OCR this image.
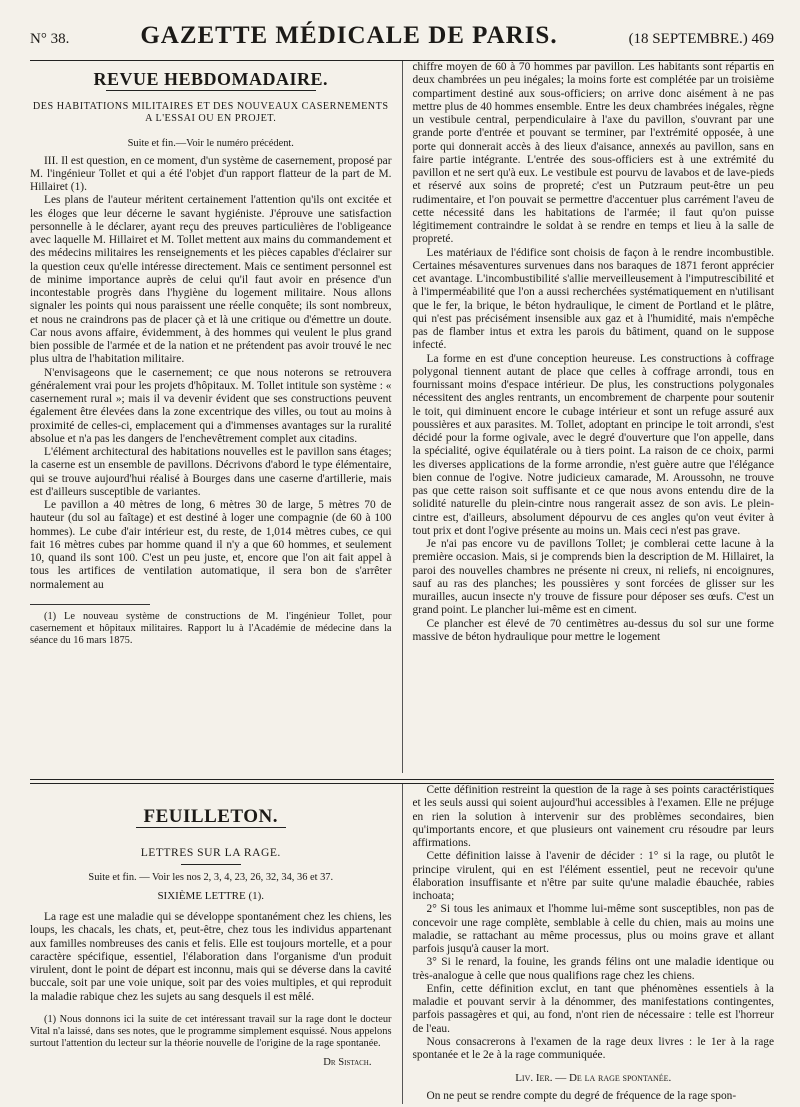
N° 38.	GAZETTE MÉDICALE DE PARIS.	(18 SEPTEMBRE.) 469
REVUE HEBDOMADAIRE.
DES HABITATIONS MILITAIRES ET DES NOUVEAUX CASERNEMENTS
A L'ESSAI OU EN PROJET.
Suite et fin.—Voir le numéro précédent.

III. Il est question, en ce moment, d'un système de casernement, proposé par M. l'ingénieur Tollet et qui a été l'objet d'un rapport flatteur de la part de M. Hillairet (1).

Les plans de l'auteur méritent certainement l'attention qu'ils ont excitée et les éloges que leur décerne le savant hygiéniste. J'éprouve une satisfaction personnelle à le déclarer, ayant reçu des preuves particulières de l'obligeance avec laquelle M. Hillairet et M. Tollet mettent aux mains du commandement et des médecins militaires les renseignements et les pièces capables d'éclairer sur la question ceux qu'elle intéresse directement. Mais ce sentiment personnel est de minime importance auprès de celui qu'il faut avoir en présence d'un incontestable progrès dans l'hygiène du logement militaire. Nous allons signaler les points qui nous paraissent une réelle conquête; ils sont nombreux, et nous ne craindrons pas de placer çà et là une critique ou d'émettre un doute. Car nous avons affaire, évidemment, à des hommes qui veulent le plus grand bien possible de l'armée et de la nation et ne prétendent pas avoir trouvé le nec plus ultra de l'habitation militaire.

N'envisageons que le casernement; ce que nous noterons se retrouvera généralement vrai pour les projets d'hôpitaux. M. Tollet intitule son système : « casernement rural »; mais il va devenir évident que ses constructions peuvent également être élevées dans la zone excentrique des villes, ou tout au moins à proximité de celles-ci, emplacement qui a d'immenses avantages sur la ruralité absolue et n'a pas les dangers de l'enchevêtrement complet aux citadins.

L'élément architectural des habitations nouvelles est le pavillon sans étages; la caserne est un ensemble de pavillons. Décrivons d'abord le type élémentaire, qui se trouve aujourd'hui réalisé à Bourges dans une caserne d'artillerie, mais est d'ailleurs susceptible de variantes.

Le pavillon a 40 mètres de long, 6 mètres 30 de large, 5 mètres 70 de hauteur (du sol au faîtage) et est destiné à loger une compagnie (de 60 à 100 hommes). Le cube d'air intérieur est, du reste, de 1,014 mètres cubes, ce qui fait 16 mètres cubes par homme quand il n'y a que 60 hommes, et seulement 10, quand ils sont 100. C'est un peu juste, et, encore que l'on ait fait appel à tous les artifices de ventilation automatique, il sera bon de s'arrêter normalement au

(1) Le nouveau système de constructions de M. l'ingénieur Tollet, pour casernement et hôpitaux militaires. Rapport lu à l'Académie de médecine dans la séance du 16 mars 1875.

chiffre moyen de 60 à 70 hommes par pavillon. Les habitants sont répartis en deux chambrées un peu inégales; la moins forte est complétée par un troisième compartiment destiné aux sous-officiers; on arrive donc aisément à ne pas mettre plus de 40 hommes ensemble. Entre les deux chambrées inégales, règne un vestibule central, perpendiculaire à l'axe du pavillon, s'ouvrant par une grande porte d'entrée et pouvant se terminer, par l'extrémité opposée, à une porte qui donnerait accès à des lieux d'aisance, annexés au pavillon, sans en faire partie intégrante. L'entrée des sous-officiers est à une extrémité du pavillon et ne sert qu'à eux. Le vestibule est pourvu de lavabos et de lave-pieds et réservé aux soins de propreté; c'est un Putzraum peut-être un peu rudimentaire, et l'on pouvait se permettre d'accentuer plus carrément l'aveu de cette nécessité dans les habitations de l'armée; il faut qu'on puisse légitimement contraindre le soldat à se rendre en temps et lieu à la salle de propreté.

Les matériaux de l'édifice sont choisis de façon à le rendre incombustible. Certaines mésaventures survenues dans nos baraques de 1871 feront apprécier cet avantage. L'incombustibilité s'allie merveilleusement à l'imputrescibilité et à l'imperméabilité que l'on a aussi recherchées systématiquement en n'utilisant que le fer, la brique, le béton hydraulique, le ciment de Portland et le plâtre, qui n'est pas précisément insensible aux gaz et à l'humidité, mais n'empêche pas de flamber intus et extra les parois du bâtiment, quand on le suppose infecté.

La forme en est d'une conception heureuse. Les constructions à coffrage polygonal tiennent autant de place que celles à coffrage arrondi, tous en fournissant moins d'espace intérieur. De plus, les constructions polygonales nécessitent des angles rentrants, un encombrement de charpente pour soutenir le toit, qui diminuent encore le cubage intérieur et sont un refuge assuré aux poussières et aux parasites. M. Tollet, adoptant en principe le toit arrondi, s'est décidé pour la forme ogivale, avec le degré d'ouverture que l'on appelle, dans la spécialité, ogive équilatérale ou à tiers point. La raison de ce choix, parmi les diverses applications de la forme arrondie, n'est guère autre que l'élégance bien connue de l'ogive. Notre judicieux camarade, M. Aroussohn, ne trouve pas que cette raison soit suffisante et ce que nous avons entendu dire de la solidité naturelle du plein-cintre nous rangerait assez de son avis. Le plein-cintre est, d'ailleurs, absolument dépourvu de ces angles qu'on veut éviter à tout prix et dont l'ogive présente au moins un. Mais ceci n'est pas grave.

Je n'ai pas encore vu de pavillons Tollet; je comblerai cette lacune à la première occasion. Mais, si je comprends bien la description de M. Hillairet, la paroi des nouvelles chambres ne présente ni creux, ni reliefs, ni encoignures, sauf au ras des planches; les poussières y sont forcées de glisser sur les murailles, aucun insecte n'y trouve de fissure pour déposer ses œufs. C'est un grand point. Le plancher lui-même est en ciment.

Ce plancher est élevé de 70 centimètres au-dessus du sol sur une forme massive de béton hydraulique pour mettre le logement

FEUILLETON.
LETTRES SUR LA RAGE.
Suite et fin. — Voir les nos 2, 3, 4, 23, 26, 32, 34, 36 et 37.
SIXIÈME LETTRE (1).

La rage est une maladie qui se développe spontanément chez les chiens, les loups, les chacals, les chats, et, peut-être, chez tous les individus appartenant aux familles nombreuses des canis et felis. Elle est toujours mortelle, et a pour caractère spécifique, essentiel, l'élaboration dans l'organisme d'un produit virulent, dont le point de départ est inconnu, mais qui se déverse dans la cavité buccale, soit par une voie unique, soit par des voies multiples, et qui reproduit la maladie rabique chez les sujets au sang desquels il est mêlé.

(1) Nous donnons ici la suite de cet intéressant travail sur la rage dont le docteur Vital n'a laissé, dans ses notes, que le programme simplement esquissé. Nous appelons surtout l'attention du lecteur sur la théorie nouvelle de l'origine de la rage spontanée.

Dr Sistach.

Cette définition restreint la question de la rage à ses points caractéristiques et les seuls aussi qui soient aujourd'hui accessibles à l'examen. Elle ne préjuge en rien la solution à intervenir sur des problèmes secondaires, bien qu'importants encore, et que plusieurs ont vainement cru résoudre par leurs affirmations.

Cette définition laisse à l'avenir de décider : 1° si la rage, ou plutôt le principe virulent, qui en est l'élément essentiel, peut ne recevoir qu'une élaboration insuffisante et n'être par suite qu'une maladie ébauchée, rabies inchoata;

2° Si tous les animaux et l'homme lui-même sont susceptibles, non pas de concevoir une rage complète, semblable à celle du chien, mais au moins une maladie, se rattachant au même processus, plus ou moins grave et allant parfois jusqu'à causer la mort.

3° Si le renard, la fouine, les grands félins ont une maladie identique ou très-analogue à celle que nous qualifions rage chez les chiens.

Enfin, cette définition exclut, en tant que phénomènes essentiels à la maladie et pouvant servir à la dénommer, des manifestations contingentes, parfois passagères et qui, au fond, n'ont rien de nécessaire : telle est l'horreur de l'eau.

Nous consacrerons à l'examen de la rage deux livres : le 1er à la rage spontanée et le 2e à la rage communiquée.

Liv. Ier. — De la rage spontanée.

On ne peut se rendre compte du degré de fréquence de la rage spon-
